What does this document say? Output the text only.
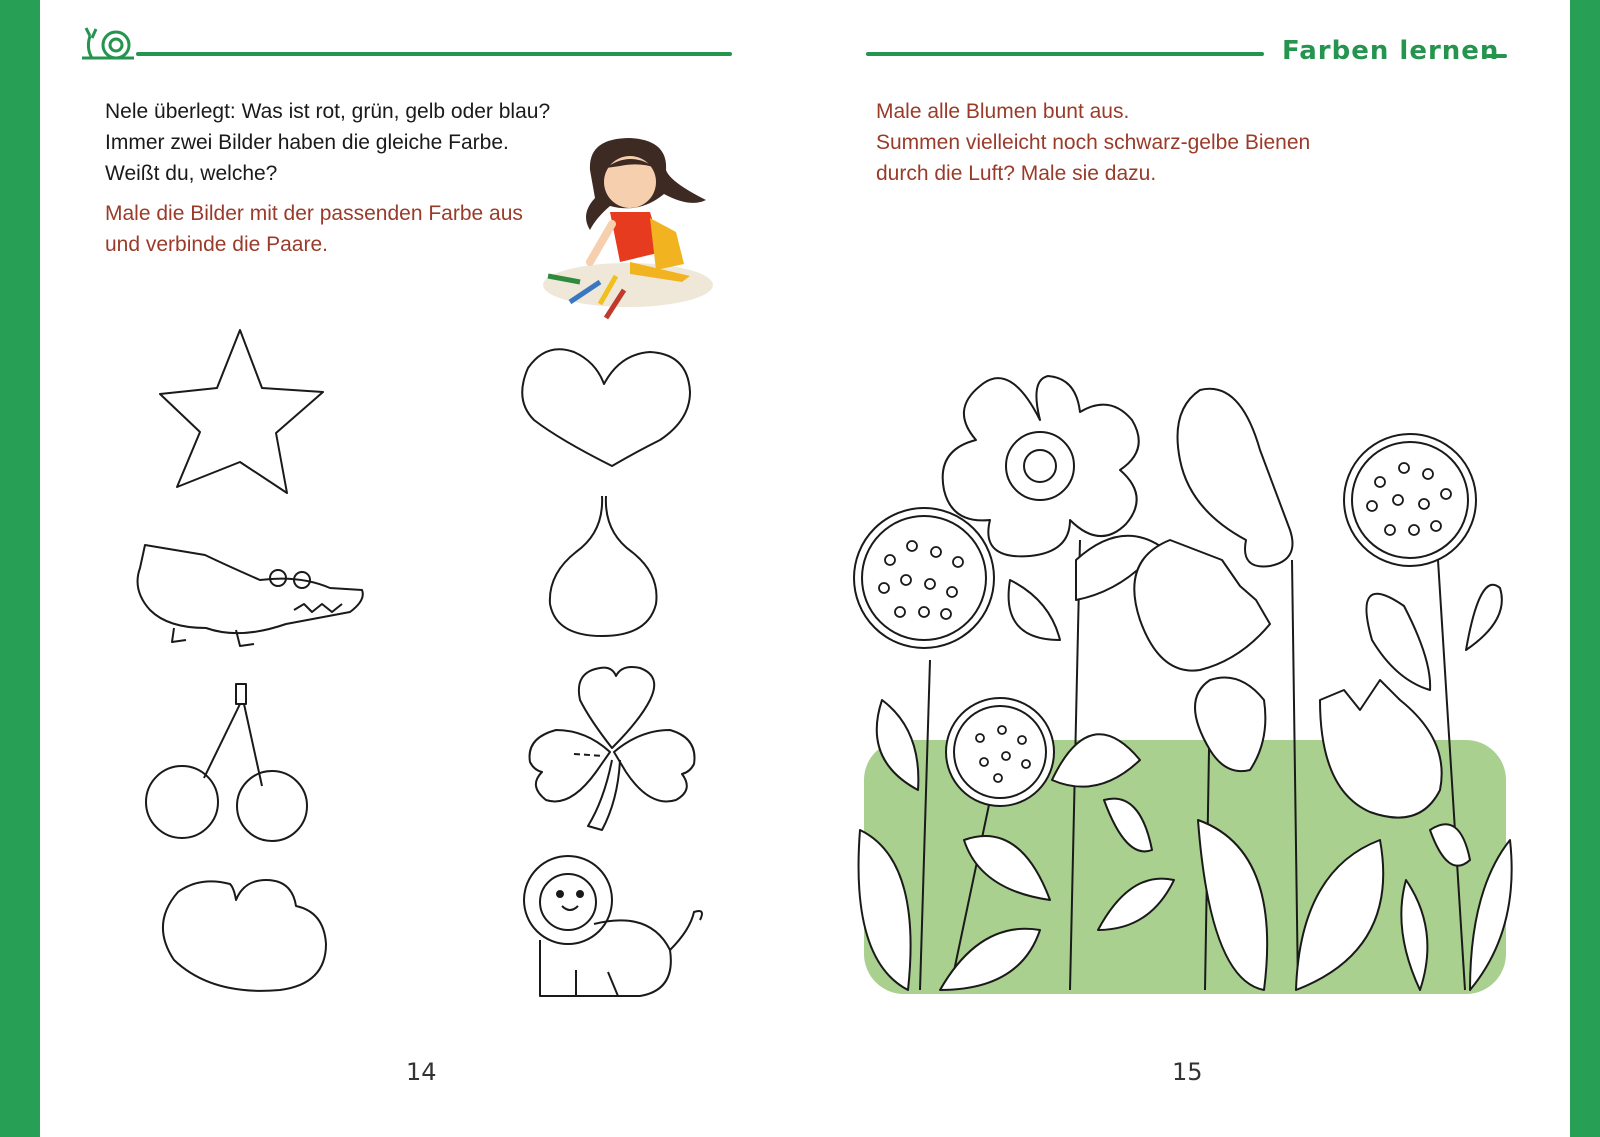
Farben lernen

Nele überlegt: Was ist rot, grün, gelb oder blau?

Immer zwei Bilder haben die gleiche Farbe.

Weißt du, welche?

Male die Bilder mit der passenden Farbe aus

und verbinde die Paare.

Male alle Blumen bunt aus.

Summen vielleicht noch schwarz-gelbe Bienen

durch die Luft? Male sie dazu.

14	15
